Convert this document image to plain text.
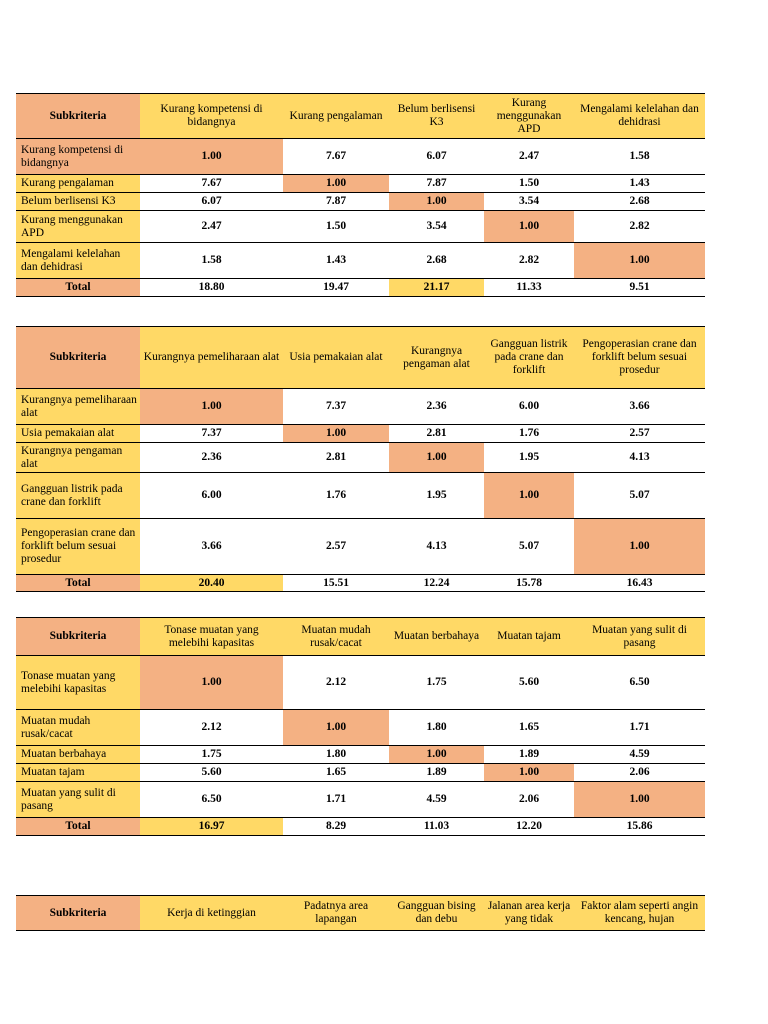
Subkriteria	Kurang kompetensi di bidangnya	Kurang pengalaman	Belum berlisensi K3	Kurang menggunakan APD	Mengalami kelelahan dan dehidrasi
Kurang kompetensi di bidangnya	1.00	7.67	6.07	2.47	1.58
Kurang pengalaman	7.67	1.00	7.87	1.50	1.43
Belum berlisensi K3	6.07	7.87	1.00	3.54	2.68
Kurang menggunakan APD	2.47	1.50	3.54	1.00	2.82
Mengalami kelelahan dan dehidrasi	1.58	1.43	2.68	2.82	1.00
Total	18.80	19.47	21.17	11.33	9.51
Subkriteria	Kurangnya pemeliharaan alat	Usia pemakaian alat	Kurangnya pengaman alat	Gangguan listrik pada crane dan forklift	Pengoperasian crane dan forklift belum sesuai prosedur
Kurangnya pemeliharaan alat	1.00	7.37	2.36	6.00	3.66
Usia pemakaian alat	7.37	1.00	2.81	1.76	2.57
Kurangnya pengaman alat	2.36	2.81	1.00	1.95	4.13
Gangguan listrik pada crane dan forklift	6.00	1.76	1.95	1.00	5.07
Pengoperasian crane dan forklift belum sesuai prosedur	3.66	2.57	4.13	5.07	1.00
Total	20.40	15.51	12.24	15.78	16.43
Subkriteria	Tonase muatan yang melebihi kapasitas	Muatan mudah rusak/cacat	Muatan berbahaya	Muatan tajam	Muatan yang sulit di pasang
Tonase muatan yang melebihi kapasitas	1.00	2.12	1.75	5.60	6.50
Muatan mudah rusak/cacat	2.12	1.00	1.80	1.65	1.71
Muatan berbahaya	1.75	1.80	1.00	1.89	4.59
Muatan tajam	5.60	1.65	1.89	1.00	2.06
Muatan yang sulit di pasang	6.50	1.71	4.59	2.06	1.00
Total	16.97	8.29	11.03	12.20	15.86
Subkriteria	Kerja di ketinggian	Padatnya area lapangan	Gangguan bising dan debu	Jalanan area kerja yang tidak	Faktor alam seperti angin kencang, hujan
